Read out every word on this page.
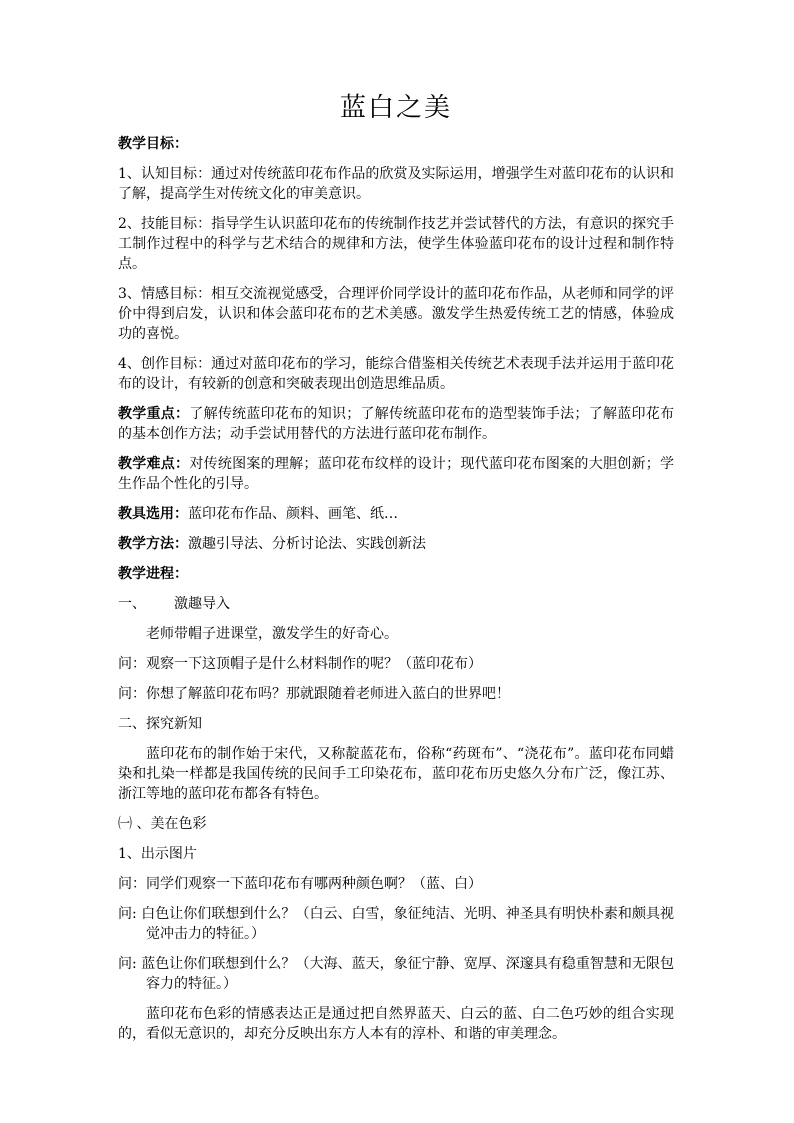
蓝白之美

教学目标：

1、认知目标：通过对传统蓝印花布作品的欣赏及实际运用，增强学生对蓝印花布的认识和了解，提高学生对传统文化的审美意识。

2、技能目标：指导学生认识蓝印花布的传统制作技艺并尝试替代的方法，有意识的探究手工制作过程中的科学与艺术结合的规律和方法，使学生体验蓝印花布的设计过程和制作特点。

3、情感目标：相互交流视觉感受，合理评价同学设计的蓝印花布作品，从老师和同学的评价中得到启发，认识和体会蓝印花布的艺术美感。激发学生热爱传统工艺的情感，体验成功的喜悦。

4、创作目标：通过对蓝印花布的学习，能综合借鉴相关传统艺术表现手法并运用于蓝印花布的设计，有较新的创意和突破表现出创造思维品质。

教学重点：了解传统蓝印花布的知识；了解传统蓝印花布的造型装饰手法；了解蓝印花布的基本创作方法；动手尝试用替代的方法进行蓝印花布制作。

教学难点：对传统图案的理解；蓝印花布纹样的设计；现代蓝印花布图案的大胆创新；学生作品个性化的引导。

教具选用：蓝印花布作品、颜料、画笔、纸…

教学方法：激趣引导法、分析讨论法、实践创新法

教学进程：

一、 激趣导入

老师带帽子进课堂，激发学生的好奇心。

问：观察一下这顶帽子是什么材料制作的呢？（蓝印花布）

问：你想了解蓝印花布吗？那就跟随着老师进入蓝白的世界吧！

二、探究新知

蓝印花布的制作始于宋代，又称靛蓝花布，俗称“药斑布”、“浇花布”。蓝印花布同蜡染和扎染一样都是我国传统的民间手工印染花布，蓝印花布历史悠久分布广泛，像江苏、浙江等地的蓝印花布都各有特色。

㈠ 、美在色彩

1、出示图片

问：同学们观察一下蓝印花布有哪两种颜色啊？（蓝、白）

问: 白色让你们联想到什么？（白云、白雪，象征纯洁、光明、神圣具有明快朴素和颇具视觉冲击力的特征。）

问: 蓝色让你们联想到什么？（大海、蓝天，象征宁静、宽厚、深邃具有稳重智慧和无限包容力的特征。）

蓝印花布色彩的情感表达正是通过把自然界蓝天、白云的蓝、白二色巧妙的组合实现的，看似无意识的，却充分反映出东方人本有的淳朴、和谐的审美理念。
